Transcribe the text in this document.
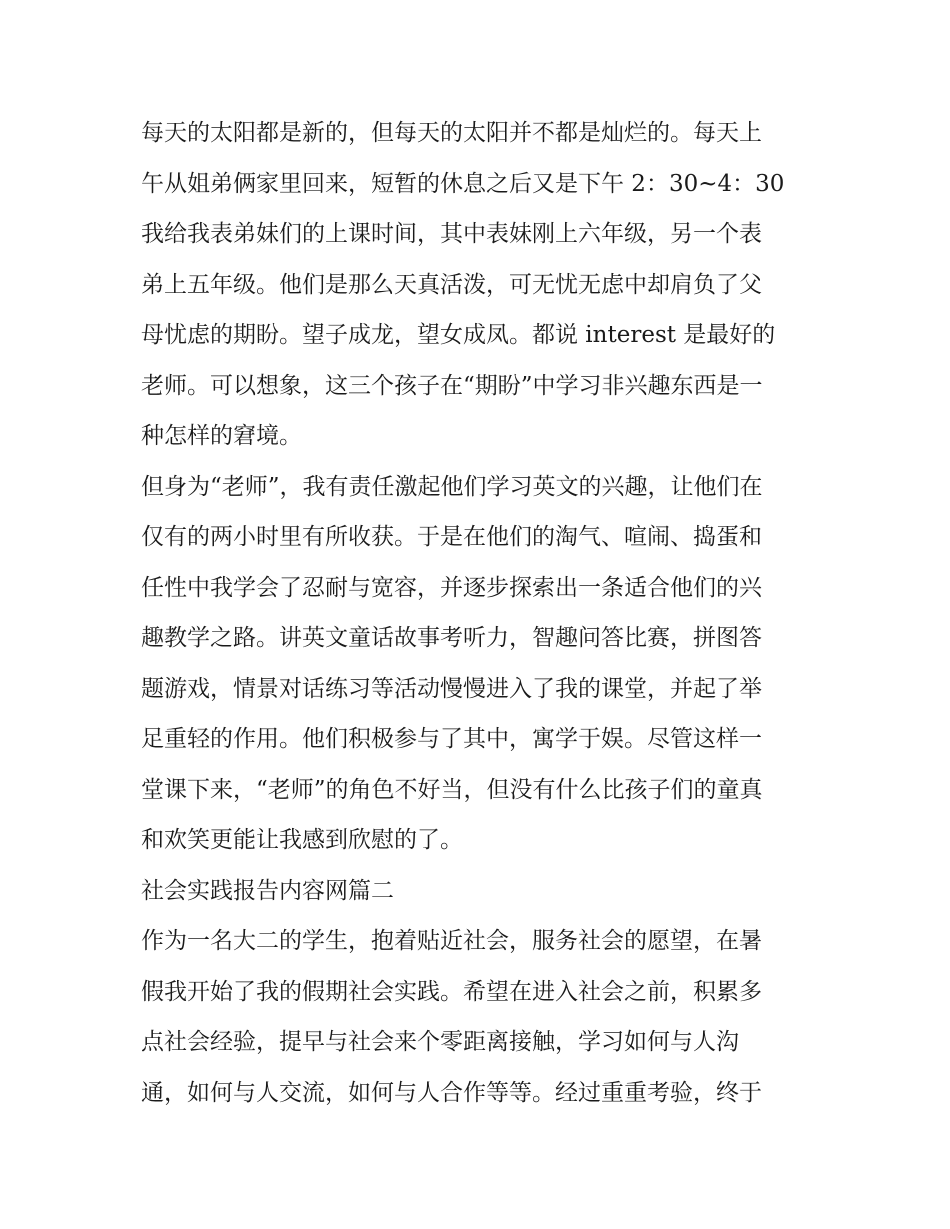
每天的太阳都是新的，但每天的太阳并不都是灿烂的。每天上
午从姐弟俩家里回来，短暂的休息之后又是下午 2：30~4：30
我给我表弟妹们的上课时间，其中表妹刚上六年级，另一个表
弟上五年级。他们是那么天真活泼，可无忧无虑中却肩负了父
母忧虑的期盼。望子成龙，望女成凤。都说 interest 是最好的
老师。可以想象，这三个孩子在“期盼”中学习非兴趣东西是一
种怎样的窘境。
但身为“老师”，我有责任激起他们学习英文的兴趣，让他们在
仅有的两小时里有所收获。于是在他们的淘气、喧闹、捣蛋和
任性中我学会了忍耐与宽容，并逐步探索出一条适合他们的兴
趣教学之路。讲英文童话故事考听力，智趣问答比赛，拼图答
题游戏，情景对话练习等活动慢慢进入了我的课堂，并起了举
足重轻的作用。他们积极参与了其中，寓学于娱。尽管这样一
堂课下来，“老师”的角色不好当，但没有什么比孩子们的童真
和欢笑更能让我感到欣慰的了。
社会实践报告内容网篇二
作为一名大二的学生，抱着贴近社会，服务社会的愿望，在暑
假我开始了我的假期社会实践。希望在进入社会之前，积累多
点社会经验，提早与社会来个零距离接触，学习如何与人沟
通，如何与人交流，如何与人合作等等。经过重重考验，终于
